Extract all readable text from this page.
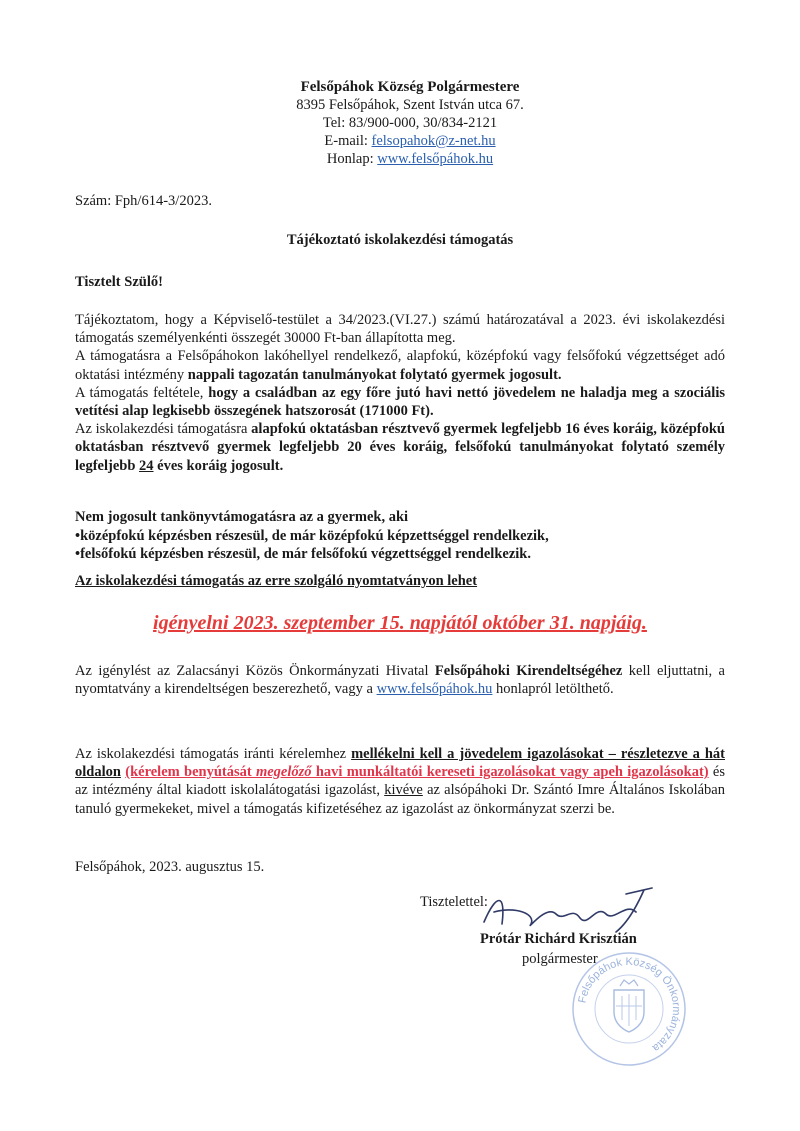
Felsőpáhok Község Polgármestere
8395 Felsőpáhok, Szent István utca 67.
Tel: 83/900-000, 30/834-2121
E-mail: felsopahok@z-net.hu
Honlap: www.felsőpáhok.hu
Szám: Fph/614-3/2023.
Tájékoztató iskolakezdési támogatás
Tisztelt Szülő!
Tájékoztatom, hogy a Képviselő-testület a 34/2023.(VI.27.) számú határozatával a 2023. évi iskolakezdési támogatás személyenkénti összegét 30000 Ft-ban állapította meg.
A támogatásra a Felsőpáhokon lakóhellyel rendelkező, alapfokú, középfokú vagy felsőfokú végzettséget adó oktatási intézmény nappali tagozatán tanulmányokat folytató gyermek jogosult.
A támogatás feltétele, hogy a családban az egy főre jutó havi nettó jövedelem ne haladja meg a szociális vetítési alap legkisebb összegének hatszorosát (171000 Ft).
Az iskolakezdési támogatásra alapfokú oktatásban résztvevő gyermek legfeljebb 16 éves koráig, középfokú oktatásban résztvevő gyermek legfeljebb 20 éves koráig, felsőfokú tanulmányokat folytató személy legfeljebb 24 éves koráig jogosult.
Nem jogosult tankönyvtámogatásra az a gyermek, aki
•középfokú képzésben részesül, de már középfokú képzettséggel rendelkezik,
•felsőfokú képzésben részesül, de már felsőfokú végzettséggel rendelkezik.
Az iskolakezdési támogatás az erre szolgáló nyomtatványon lehet
igényelni 2023. szeptember 15. napjától október 31. napjáig.
Az igénylést az Zalacsányi Közös Önkormányzati Hivatal Felsőpáhoki Kirendeltségéhez kell eljuttatni, a nyomtatvány a kirendeltségen beszerezhető, vagy a www.felsőpáhok.hu honlapról letölthető.
Az iskolakezdési támogatás iránti kérelemhez mellékelni kell a jövedelem igazolásokat – részletezve a hát oldalon (kérelem benyútását megelőző havi munkáltatói kereseti igazolásokat vagy apeh igazolásokat) és az intézmény által kiadott iskolalátogatási igazolást, kivéve az alsópáhoki Dr. Szántó Imre Általános Iskolában tanuló gyermekeket, mivel a támogatás kifizetéséhez az igazolást az önkormányzat szerzi be.
Felsőpáhok, 2023. augusztus 15.
Tisztelettel:
Prótár Richárd Krisztián
polgármester
Felsőpáhok Község Önkormányzata
